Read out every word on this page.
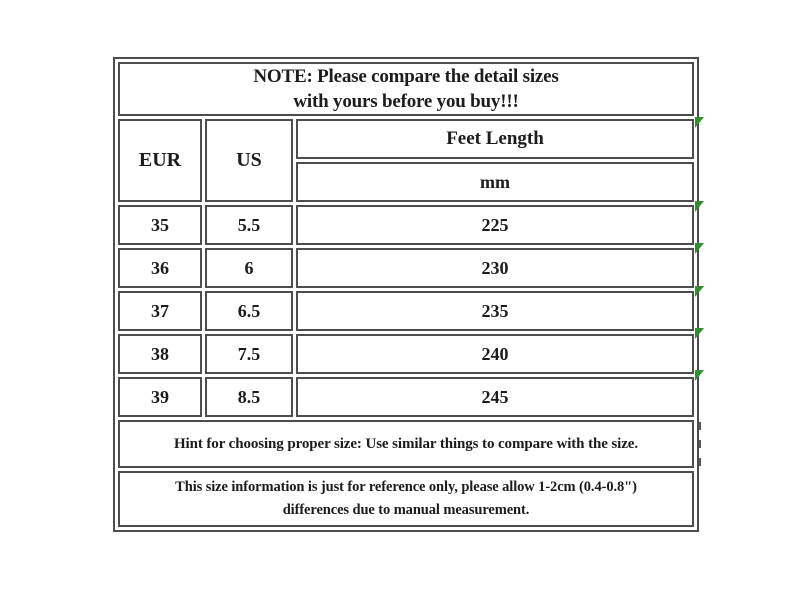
NOTE: Please compare the detail sizes
with yours before you buy!!!		

EUR	US	Feet Length
		mm
35	5.5	225
36	6	230
37	6.5	235
38	7.5	240
39	8.5	245
Hint for choosing proper size: Use similar things to compare with the size.		

This size information is just for reference only, please allow 1-2cm (0.4-0.8")
differences due to manual measurement.		
